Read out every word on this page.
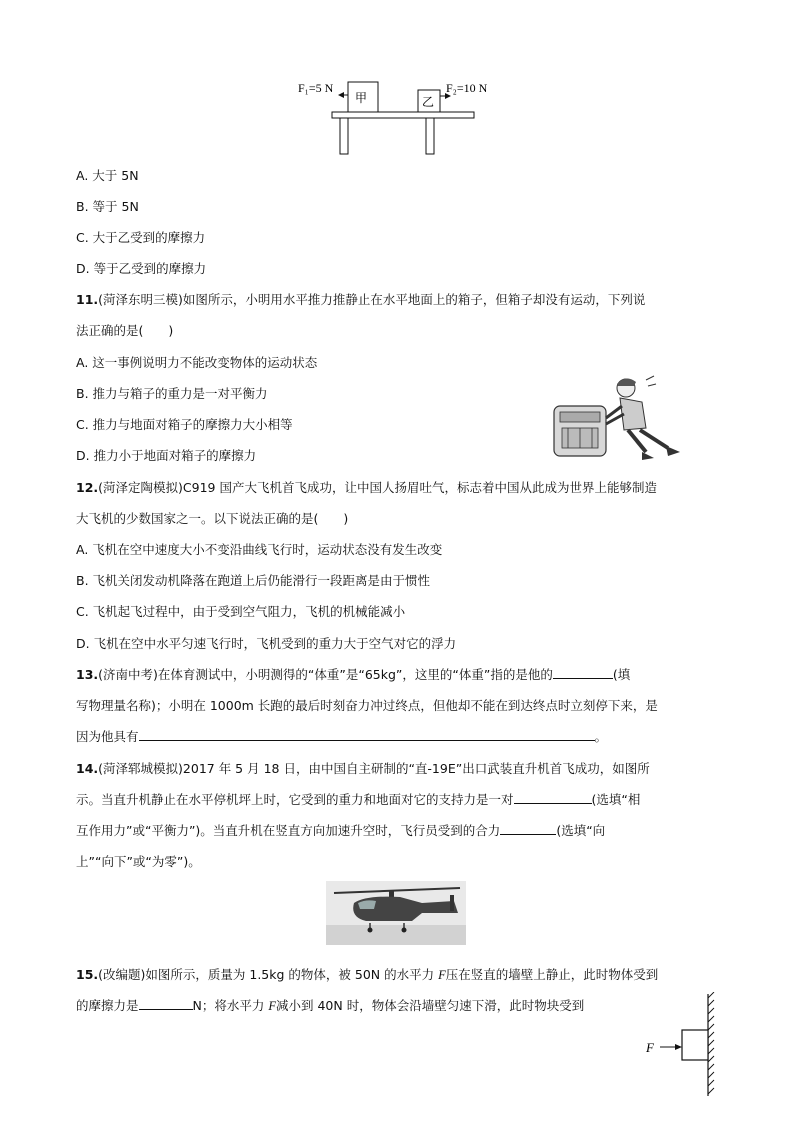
F₁=5 N
甲	乙
F₂=10 N
A. 大于 5N
B. 等于 5N
C. 大于乙受到的摩擦力
D. 等于乙受到的摩擦力
11.(菏泽东明三模)如图所示，小明用水平推力推静止在水平地面上的箱子，但箱子却没有运动，下列说
法正确的是(　　)
A. 这一事例说明力不能改变物体的运动状态
B. 推力与箱子的重力是一对平衡力
C. 推力与地面对箱子的摩擦力大小相等
D. 推力小于地面对箱子的摩擦力
12.(菏泽定陶模拟)C919 国产大飞机首飞成功，让中国人扬眉吐气，标志着中国从此成为世界上能够制造
大飞机的少数国家之一。以下说法正确的是(　　)
A. 飞机在空中速度大小不变沿曲线飞行时，运动状态没有发生改变
B. 飞机关闭发动机降落在跑道上后仍能滑行一段距离是由于惯性
C. 飞机起飞过程中，由于受到空气阻力，飞机的机械能减小
D. 飞机在空中水平匀速飞行时，飞机受到的重力大于空气对它的浮力
13.(济南中考)在体育测试中，小明测得的“体重”是“65kg”，这里的“体重”指的是他的	(填
写物理量名称)；小明在 1000m 长跑的最后时刻奋力冲过终点，但他却不能在到达终点时立刻停下来，是
因为他具有	。
14.(菏泽郓城模拟)2017 年 5 月 18 日，由中国自主研制的“直-19E”出口武装直升机首飞成功，如图所
示。当直升机静止在水平停机坪上时，它受到的重力和地面对它的支持力是一对	(选填“相
互作用力”或“平衡力”)。当直升机在竖直方向加速升空时，飞行员受到的合力	(选填“向
上”“向下”或“为零”)。
15.(改编题)如图所示，质量为 1.5kg 的物体，被 50N 的水平力 F压在竖直的墙壁上静止，此时物体受到
的摩擦力是	N；将水平力 F减小到 40N 时，物体会沿墙壁匀速下滑，此时物块受到
F
